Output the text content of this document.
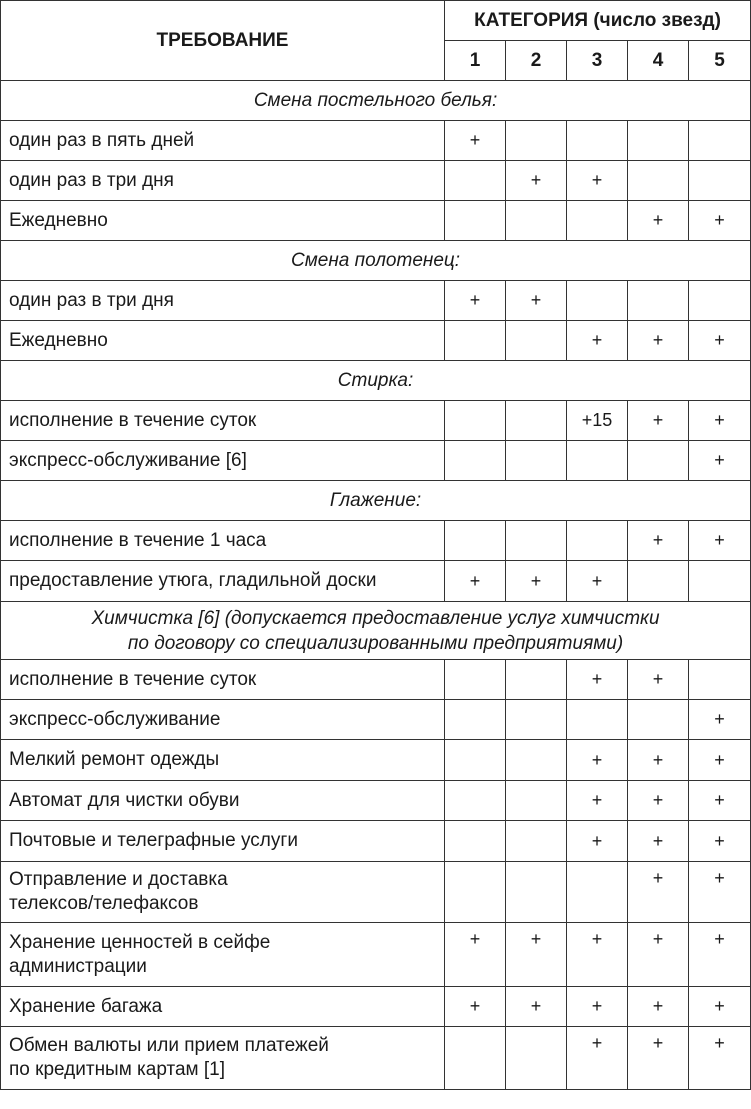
ТРЕБОВАНИЕ	КАТЕГОРИЯ (число звезд)				
	1	2	3	4	5

Смена постельного белья:					

один раз в пять дней	+				

один раз в три дня		+	+		

Ежедневно				+	+

Смена полотенец:					

один раз в три дня	+	+			

Ежедневно			+	+	+

Стирка:					

исполнение в течение суток			+15	+	+

экспресс-обслуживание [6]					+

Глажение:					

исполнение в течение 1 часа				+	+

предоставление утюга, гладильной доски	+	+	+		

Химчистка [6] (допускается предоставление услуг химчистки
по договору со специализированными предприятиями)					

исполнение в течение суток			+	+	

экспресс-обслуживание					+

Мелкий ремонт одежды			+	+	+

Автомат для чистки обуви			+	+	+

Почтовые и телеграфные услуги			+	+	+

Отправление и доставка
телексов/телефаксов				+	+

Хранение ценностей в сейфе
администрации	+	+	+	+	+

Хранение багажа	+	+	+	+	+

Обмен валюты или прием платежей
по кредитным картам [1]			+	+	+
